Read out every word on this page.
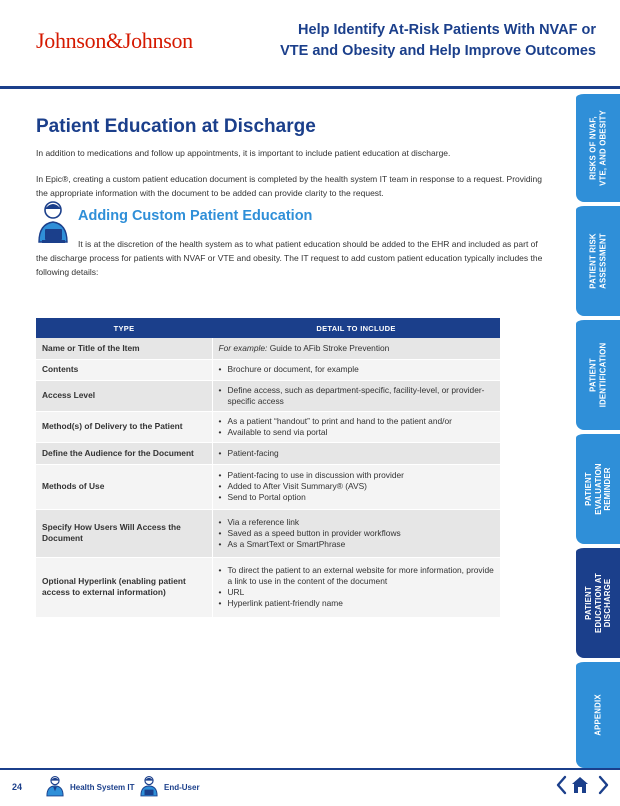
Johnson&Johnson	Help Identify At-Risk Patients With NVAF or VTE and Obesity and Help Improve Outcomes
Patient Education at Discharge
In addition to medications and follow up appointments, it is important to include patient education at discharge.
In Epic®, creating a custom patient education document is completed by the health system IT team in response to a request. Providing the appropriate information with the document to be added can provide clarity to the request.
Adding Custom Patient Education
It is at the discretion of the health system as to what patient education should be added to the EHR and included as part of the discharge process for patients with NVAF or VTE and obesity. The IT request to add custom patient education typically includes the following details:
TYPE	DETAIL TO INCLUDE
Name or Title of the Item	For example: Guide to AFib Stroke Prevention
Contents	• Brochure or document, for example

Access Level	• Define access, such as department-specific, facility-level, or provider-specific access

Method(s) of Delivery to the Patient	• As a patient “handout” to print and hand to the patient and/or
• Available to send via portal

Define the Audience for the Document	• Patient-facing

Methods of Use	• Patient-facing to use in discussion with provider
• Added to After Visit Summary® (AVS)
• Send to Portal option

Specify How Users Will Access the Document	• Via a reference link
• Saved as a speed button in provider workflows
• As a SmartText or SmartPhrase

Optional Hyperlink (enabling patient access to external information)	• To direct the patient to an external website for more information, provide a link to use in the content of the document
• URL
• Hyperlink patient-friendly name
RISKS OF NVAF,
VTE, AND OBESITY
PATIENT RISK
ASSESSMENT
PATIENT
IDENTIFICATION
PATIENT
EVALUATION
REMINDER
PATIENT
EDUCATION AT
DISCHARGE
APPENDIX
24	Health System IT	End-User
